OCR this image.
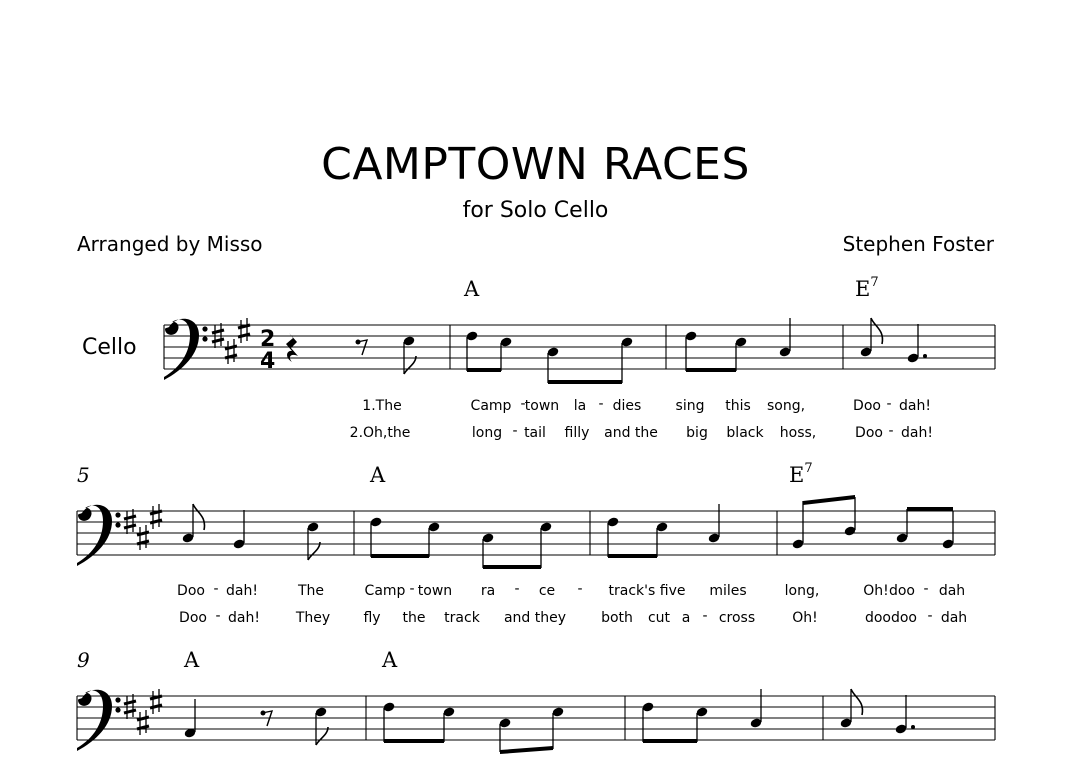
CAMPTOWN RACES
for Solo Cello
Arranged by Misso	Stephen Foster
Cello
A	$E^7$
A	$E^7$
A	A
5
9
1.The	Camp - town la - dies sing this song,	Doo - dah!
2.Oh,the	long - tail filly and the big black hoss,	Doo - dah!
Doo - dah!	The	Camp - town ra - ce - track's five miles	long,	Oh! doo - dah
Doo - dah!	They fly the track and they	both cut a - cross	Oh!	doo doo - dah
2
4
